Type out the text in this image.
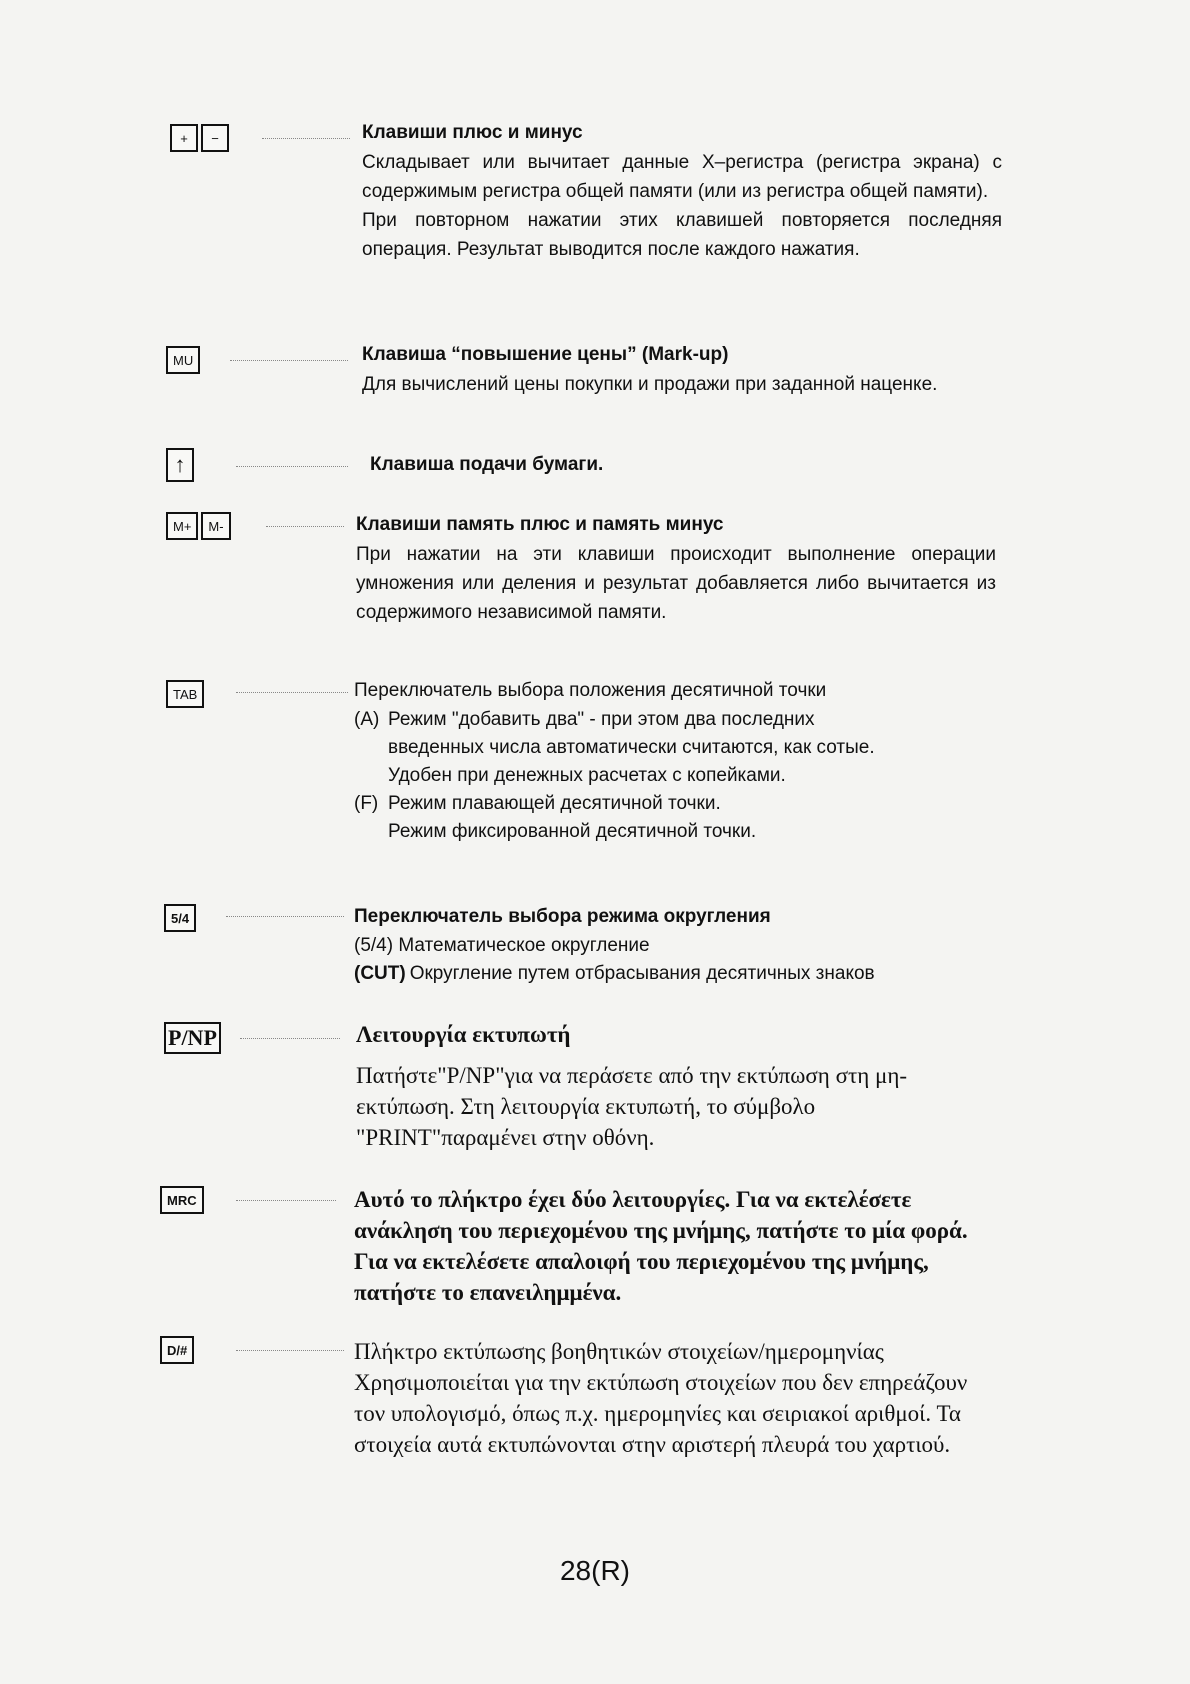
+	−	Клавиши плюс и минус

Складывает или вычитает данные Х–регистра (регистра экрана) с содержимым регистра общей памяти (или из регистра общей памяти).

При повторном нажатии этих клавишей повторяется последняя операция. Результат выводится после каждого нажатия.

MU	Клавиша “повышение цены” (Mark-up)

Для вычислений цены покупки и продажи при заданной наценке.

↑	Клавиша подачи бумаги.
M+	M-	Клавиши память плюс и память минус

При нажатии на эти клавиши происходит выполнение операции умножения или деления и результат добавляется либо вычитается из содержимого независимой памяти.

TAB	Переключатель выбора положения десятичной точки
(A) Режим "добавить два" - при этом два последних введенных числа автоматически считаются, как сотые. Удобен при денежных расчетах с копейками.
(F) Режим плавающей десятичной точки.
Режим фиксированной десятичной точки.
5/4	Переключатель выбора режима округления
(5/4) Математическое округление
(CUT) Округление путем отбрасывания десятичных знаков
P/NP	Λειτουργία εκτυπωτή

Πατήστε"P/NP"για να περάσετε από την εκτύπωση στη μη-εκτύπωση. Στη λειτουργία εκτυπωτή, το σύμβολο "PRINT"παραμένει στην οθόνη.

MRC	Αυτό το πλήκτρο έχει δύο λειτουργίες. Για να εκτελέσετε ανάκληση του περιεχομένου της μνήμης, πατήστε το μία φορά. Για να εκτελέσετε απαλοιφή του περιεχομένου της μνήμης, πατήστε το επανειλημμένα.

D/#	Πλήκτρο εκτύπωσης βοηθητικών στοιχείων/ημερομηνίας Χρησιμοποιείται για την εκτύπωση στοιχείων που δεν επηρεάζουν τον υπολογισμό, όπως π.χ. ημερομηνίες και σειριακοί αριθμοί. Τα στοιχεία αυτά εκτυπώνονται στην αριστερή πλευρά του χαρτιού.

28(R)
